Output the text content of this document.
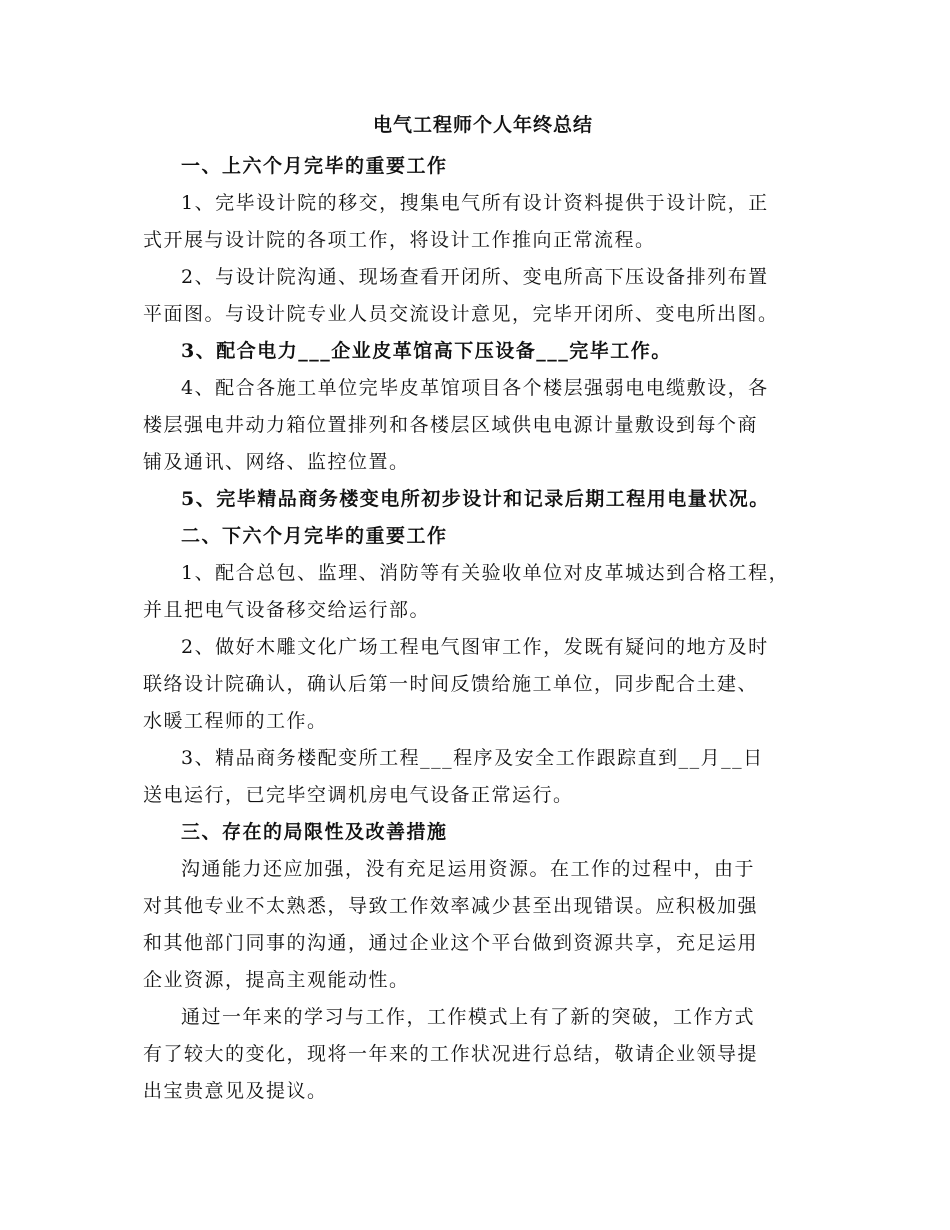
电气工程师个人年终总结
一、上六个月完毕的重要工作
1、完毕设计院的移交，搜集电气所有设计资料提供于设计院，正
式开展与设计院的各项工作，将设计工作推向正常流程。
2、与设计院沟通、现场查看开闭所、变电所高下压设备排列布置
平面图。与设计院专业人员交流设计意见，完毕开闭所、变电所出图。
3、配合电力___企业皮革馆高下压设备___完毕工作。
4、配合各施工单位完毕皮革馆项目各个楼层强弱电电缆敷设，各
楼层强电井动力箱位置排列和各楼层区域供电电源计量敷设到每个商
铺及通讯、网络、监控位置。
5、完毕精品商务楼变电所初步设计和记录后期工程用电量状况。
二、下六个月完毕的重要工作
1、配合总包、监理、消防等有关验收单位对皮革城达到合格工程，
并且把电气设备移交给运行部。
2、做好木雕文化广场工程电气图审工作，发既有疑问的地方及时
联络设计院确认，确认后第一时间反馈给施工单位，同步配合土建、
水暖工程师的工作。
3、精品商务楼配变所工程___程序及安全工作跟踪直到__月__日
送电运行，已完毕空调机房电气设备正常运行。
三、存在的局限性及改善措施
沟通能力还应加强，没有充足运用资源。在工作的过程中，由于
对其他专业不太熟悉，导致工作效率减少甚至出现错误。应积极加强
和其他部门同事的沟通，通过企业这个平台做到资源共享，充足运用
企业资源，提高主观能动性。
通过一年来的学习与工作，工作模式上有了新的突破，工作方式
有了较大的变化，现将一年来的工作状况进行总结，敬请企业领导提
出宝贵意见及提议。
